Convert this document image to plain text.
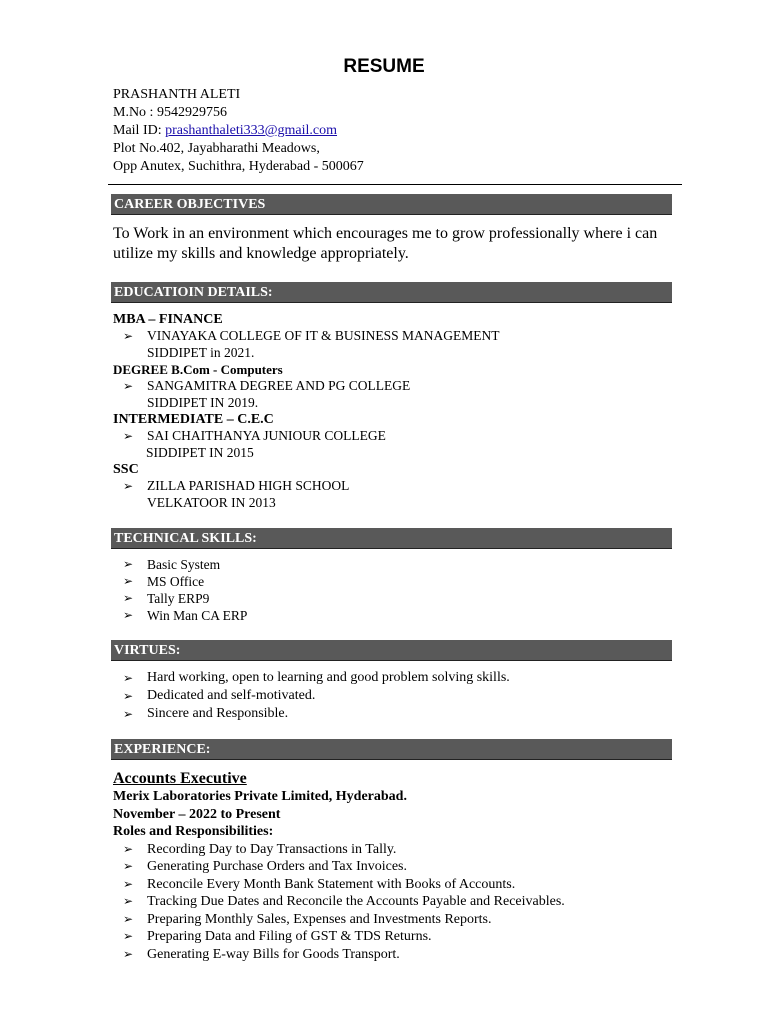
RESUME
PRASHANTH ALETI
M.No : 9542929756
Mail ID: prashanthaleti333@gmail.com
Plot No.402, Jayabharathi Meadows,
Opp Anutex, Suchithra, Hyderabad - 500067
CAREER OBJECTIVES
To Work in an environment which encourages me to grow professionally where i can utilize my skills and knowledge appropriately.
EDUCATIOIN DETAILS:
MBA – FINANCE
➢ VINAYAKA COLLEGE OF IT & BUSINESS MANAGEMENT
SIDDIPET in 2021.
DEGREE B.Com - Computers
➢ SANGAMITRA DEGREE AND PG COLLEGE
SIDDIPET IN 2019.
INTERMEDIATE – C.E.C
➢ SAI CHAITHANYA JUNIOUR COLLEGE
SIDDIPET IN 2015
SSC
➢ ZILLA PARISHAD HIGH SCHOOL
VELKATOOR IN 2013
TECHNICAL SKILLS:
➢ Basic System
➢ MS Office
➢ Tally ERP9
➢ Win Man CA ERP
VIRTUES:
➢ Hard working, open to learning and good problem solving skills.
➢ Dedicated and self-motivated.
➢ Sincere and Responsible.
EXPERIENCE:
Accounts Executive
Merix Laboratories Private Limited, Hyderabad.
November – 2022 to Present
Roles and Responsibilities:
➢ Recording Day to Day Transactions in Tally.
➢ Generating Purchase Orders and Tax Invoices.
➢ Reconcile Every Month Bank Statement with Books of Accounts.
➢ Tracking Due Dates and Reconcile the Accounts Payable and Receivables.
➢ Preparing Monthly Sales, Expenses and Investments Reports.
➢ Preparing Data and Filing of GST & TDS Returns.
➢ Generating E-way Bills for Goods Transport.
